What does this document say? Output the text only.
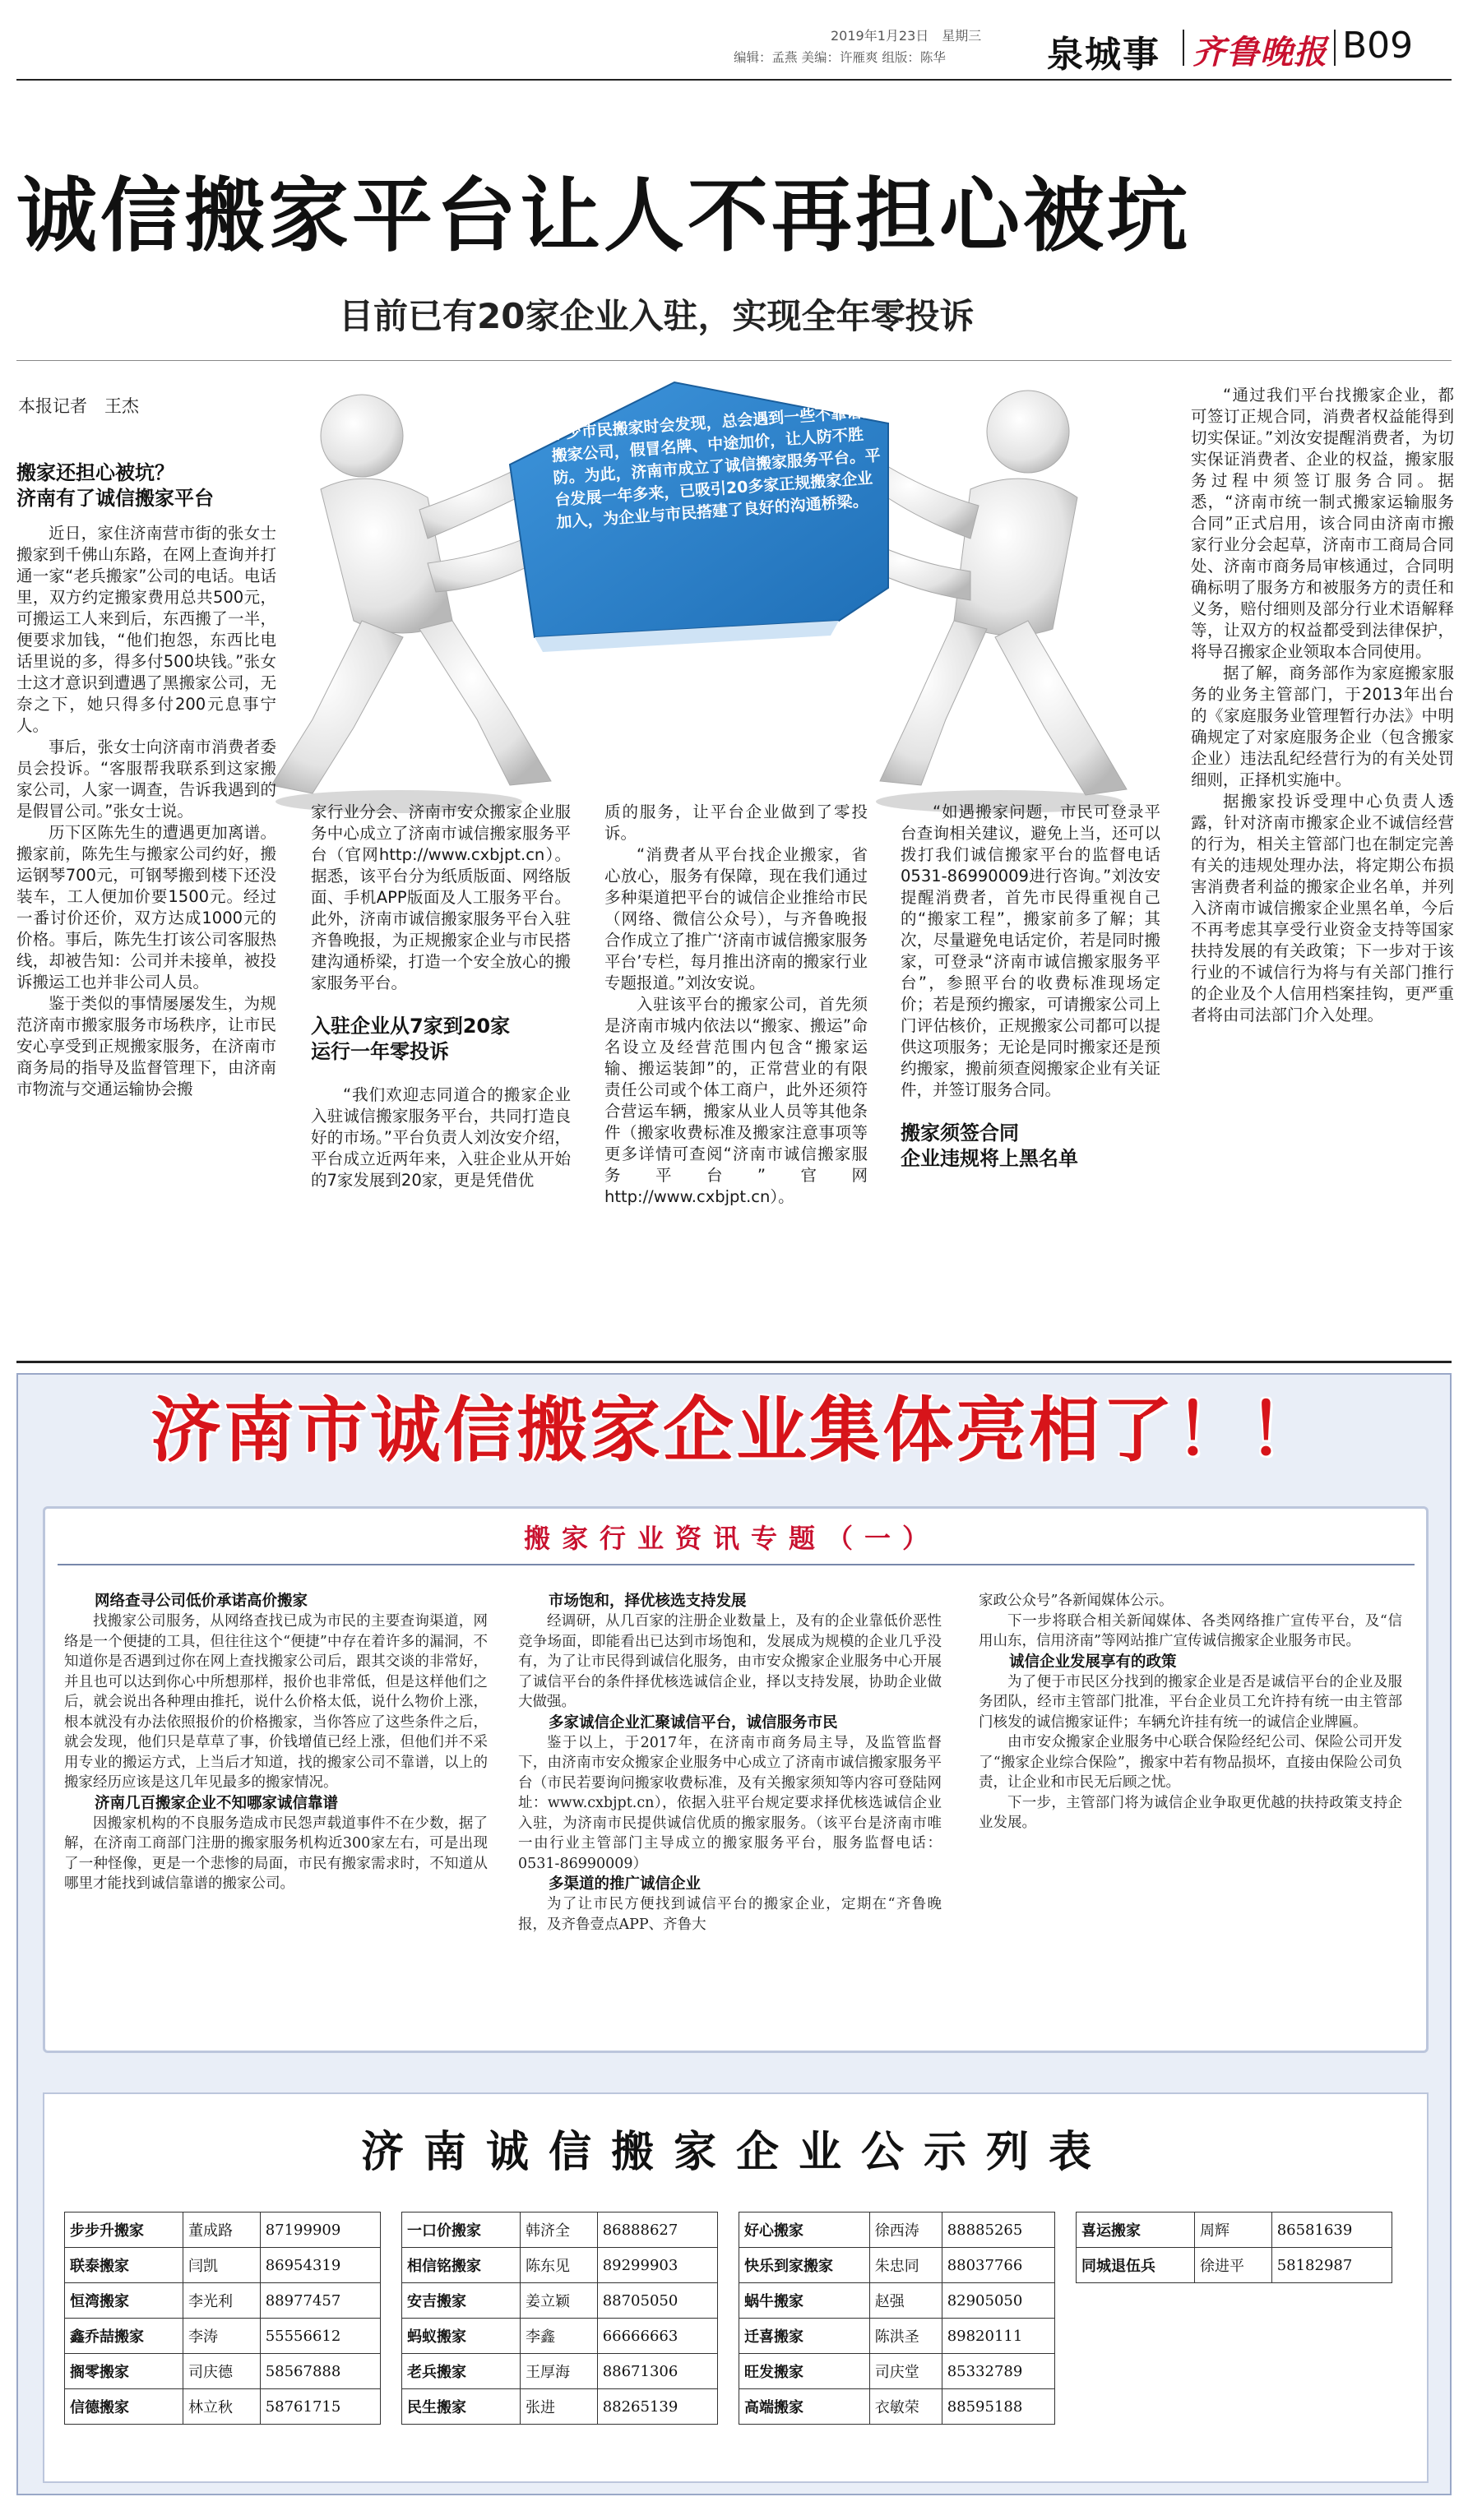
2019年1月23日　 星期三
编辑：孟燕 美编：许雁爽 组版：陈华	泉城事 齐鲁晚报 B09
诚信搬家平台让人不再担心被坑
目前已有20家企业入驻，实现全年零投诉
本报记者　王杰	不少市民搬家时会发现，总会遇到一些不靠谱的搬家公司，假冒名牌、中途加价，让人防不胜防。为此，济南市成立了诚信搬家服务平台。平台发展一年多来，已吸引20多家正规搬家企业加入，为企业与市民搭建了良好的沟通桥梁。
搬家还担心被坑？
济南有了诚信搬家平台

近日，家住济南营市街的张女士搬家到千佛山东路，在网上查询并打通一家“老兵搬家”公司的电话。电话里，双方约定搬家费用总共500元，可搬运工人来到后，东西搬了一半，便要求加钱，“他们抱怨，东西比电话里说的多，得多付500块钱。”张女士这才意识到遭遇了黑搬家公司，无奈之下，她只得多付200元息事宁人。

事后，张女士向济南市消费者委员会投诉。“客服帮我联系到这家搬家公司，人家一调查，告诉我遇到的是假冒公司。”张女士说。

历下区陈先生的遭遇更加离谱。搬家前，陈先生与搬家公司约好，搬运钢琴700元，可钢琴搬到楼下还没装车，工人便加价要1500元。经过一番讨价还价，双方达成1000元的价格。事后，陈先生打该公司客服热线，却被告知：公司并未接单，被投诉搬运工也并非公司人员。

鉴于类似的事情屡屡发生，为规范济南市搬家服务市场秩序，让市民安心享受到正规搬家服务，在济南市商务局的指导及监督管理下，由济南市物流与交通运输协会搬

家行业分会、济南市安众搬家企业服务中心成立了济南市诚信搬家服务平台（官网http://www.cxbjpt.cn）。据悉，该平台分为纸质版面、网络版面、手机APP版面及人工服务平台。此外，济南市诚信搬家服务平台入驻齐鲁晚报，为正规搬家企业与市民搭建沟通桥梁，打造一个安全放心的搬家服务平台。

入驻企业从7家到20家
运行一年零投诉

“我们欢迎志同道合的搬家企业入驻诚信搬家服务平台，共同打造良好的市场。”平台负责人刘汝安介绍，平台成立近两年来，入驻企业从开始的7家发展到20家，更是凭借优

质的服务，让平台企业做到了零投诉。

“消费者从平台找企业搬家，省心放心，服务有保障，现在我们通过多种渠道把平台的诚信企业推给市民（网络、微信公众号），与齐鲁晚报合作成立了推广‘济南市诚信搬家服务平台’专栏，每月推出济南的搬家行业专题报道。”刘汝安说。

入驻该平台的搬家公司，首先须是济南市城内依法以“搬家、搬运”命名设立及经营范围内包含“搬家运输、搬运装卸”的，正常营业的有限责任公司或个体工商户，此外还须符合营运车辆，搬家从业人员等其他条件（搬家收费标准及搬家注意事项等更多详情可查阅“济南市诚信搬家服务平台”官网http://www.cxbjpt.cn）。

“如遇搬家问题，市民可登录平台查询相关建议，避免上当，还可以拨打我们诚信搬家平台的监督电话0531-86990009进行咨询。”刘汝安提醒消费者，首先市民得重视自己的“搬家工程”，搬家前多了解；其次，尽量避免电话定价，若是同时搬家，可登录“济南市诚信搬家服务平台”，参照平台的收费标准现场定价；若是预约搬家，可请搬家公司上门评估核价，正规搬家公司都可以提供这项服务；无论是同时搬家还是预约搬家，搬前须查阅搬家企业有关证件，并签订服务合同。

搬家须签合同
企业违规将上黑名单

“通过我们平台找搬家企业，都可签订正规合同，消费者权益能得到切实保证。”刘汝安提醒消费者，为切实保证消费者、企业的权益，搬家服务过程中须签订服务合同。据悉，“济南市统一制式搬家运输服务合同”正式启用，该合同由济南市搬家行业分会起草，济南市工商局合同处、济南市商务局审核通过，合同明确标明了服务方和被服务方的责任和义务，赔付细则及部分行业术语解释等，让双方的权益都受到法律保护，将导召搬家企业领取本合同使用。

据了解，商务部作为家庭搬家服务的业务主管部门，于2013年出台的《家庭服务业管理暂行办法》中明确规定了对家庭服务企业（包含搬家企业）违法乱纪经营行为的有关处罚细则，正择机实施中。

据搬家投诉受理中心负责人透露，针对济南市搬家企业不诚信经营的行为，相关主管部门也在制定完善有关的违规处理办法，将定期公布损害消费者利益的搬家企业名单，并列入济南市诚信搬家企业黑名单，今后不再考虑其享受行业资金支持等国家扶持发展的有关政策；下一步对于该行业的不诚信行为将与有关部门推行的企业及个人信用档案挂钩，更严重者将由司法部门介入处理。

济南市诚信搬家企业集体亮相了！！
搬家行业资讯专题（一）
网络查寻公司低价承诺高价搬家

找搬家公司服务，从网络查找已成为市民的主要查询渠道，网络是一个便捷的工具，但往往这个“便捷”中存在着许多的漏洞，不知道你是否遇到过你在网上查找搬家公司后，跟其交谈的非常好，并且也可以达到你心中所想那样，报价也非常低，但是这样他们之后，就会说出各种理由推托，说什么价格太低，说什么物价上涨，根本就没有办法依照报价的价格搬家，当你答应了这些条件之后，就会发现，他们只是草草了事，价钱增值已经上涨，但他们并不采用专业的搬运方式，上当后才知道，找的搬家公司不靠谱，以上的搬家经历应该是这几年见最多的搬家情况。

济南几百搬家企业不知哪家诚信靠谱

因搬家机构的不良服务造成市民怨声载道事件不在少数，据了解，在济南工商部门注册的搬家服务机构近300家左右，可是出现了一种怪像，更是一个悲惨的局面，市民有搬家需求时，不知道从哪里才能找到诚信靠谱的搬家公司。

市场饱和，择优核选支持发展

经调研，从几百家的注册企业数量上，及有的企业靠低价恶性竞争场面，即能看出已达到市场饱和，发展成为规模的企业几乎没有，为了让市民得到诚信化服务，由市安众搬家企业服务中心开展了诚信平台的条件择优核选诚信企业，择以支持发展，协助企业做大做强。

多家诚信企业汇聚诚信平台，诚信服务市民

鉴于以上，于2017年，在济南市商务局主导，及监管监督下，由济南市安众搬家企业服务中心成立了济南市诚信搬家服务平台（市民若要询问搬家收费标准，及有关搬家须知等内容可登陆网址：www.cxbjpt.cn），依据入驻平台规定要求择优核选诚信企业入驻，为济南市民提供诚信优质的搬家服务。（该平台是济南市唯一由行业主管部门主导成立的搬家服务平台，服务监督电话：0531-86990009）

多渠道的推广诚信企业

为了让市民方便找到诚信平台的搬家企业，定期在“齐鲁晚报，及齐鲁壹点APP、齐鲁大

家政公众号”各新闻媒体公示。

下一步将联合相关新闻媒体、各类网络推广宣传平台，及“信用山东，信用济南”等网站推广宣传诚信搬家企业服务市民。

诚信企业发展享有的政策

为了便于市民区分找到的搬家企业是否是诚信平台的企业及服务团队，经市主管部门批准，平台企业员工允许持有统一由主管部门核发的诚信搬家证件；车辆允许挂有统一的诚信企业牌匾。

由市安众搬家企业服务中心联合保险经纪公司、保险公司开发了“搬家企业综合保险”，搬家中若有物品损坏，直接由保险公司负责，让企业和市民无后顾之忧。

下一步，主管部门将为诚信企业争取更优越的扶持政策支持企业发展。

济南诚信搬家企业公示列表
步步升搬家	董成路	87199909
联泰搬家	闫凯	86954319
恒湾搬家	李光利	88977457
鑫乔喆搬家	李涛	55556612
搁零搬家	司庆德	58567888
信德搬家	林立秋	58761715
一口价搬家	韩济全	86888627
相信铭搬家	陈东见	89299903
安吉搬家	姜立颖	88705050
蚂蚁搬家	李鑫	66666663
老兵搬家	王厚海	88671306
民生搬家	张进	88265139
好心搬家	徐西涛	88885265
快乐到家搬家	朱忠同	88037766
蜗牛搬家	赵强	82905050
迁喜搬家	陈洪圣	89820111
旺发搬家	司庆堂	85332789
高端搬家	衣敏荣	88595188
喜运搬家	周辉	86581639
同城退伍兵	徐进平	58182987
